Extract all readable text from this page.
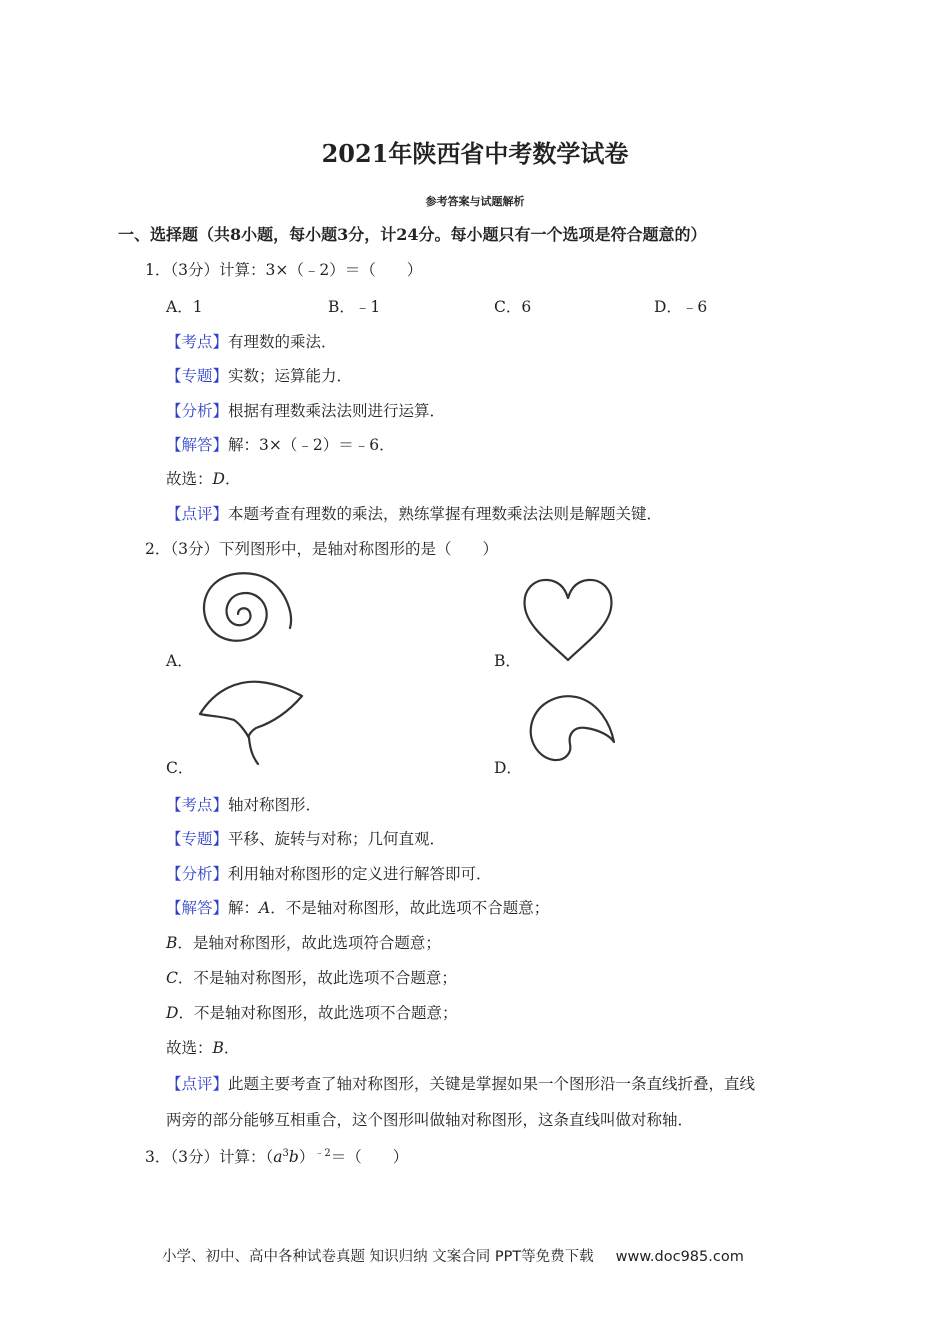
2021年陕西省中考数学试卷
参考答案与试题解析
一、选择题（共8小题，每小题3分，计24分。每小题只有一个选项是符合题意的）
1．（3分）计算：3×（﹣2）＝（　　）
A．1	B．﹣1	C．6	D．﹣6
【考点】有理数的乘法．
【专题】实数；运算能力．
【分析】根据有理数乘法法则进行运算．
【解答】解：3×（﹣2）＝﹣6．
故选：D．
【点评】本题考查有理数的乘法，熟练掌握有理数乘法法则是解题关键．
2．（3分）下列图形中，是轴对称图形的是（　　）
A．	B．
C．	D．
【考点】轴对称图形．
【专题】平移、旋转与对称；几何直观．
【分析】利用轴对称图形的定义进行解答即可．
【解答】解：A．不是轴对称图形，故此选项不合题意；
B．是轴对称图形，故此选项符合题意；
C．不是轴对称图形，故此选项不合题意；
D．不是轴对称图形，故此选项不合题意；
故选：B．
【点评】此题主要考查了轴对称图形，关键是掌握如果一个图形沿一条直线折叠，直线
两旁的部分能够互相重合，这个图形叫做轴对称图形，这条直线叫做对称轴．
3．（3分）计算：$(a^3b)^{﹣2}=$（　　）
小学、初中、高中各种试卷真题 知识归纳 文案合同 PPT等免费下载 www.doc985.com
